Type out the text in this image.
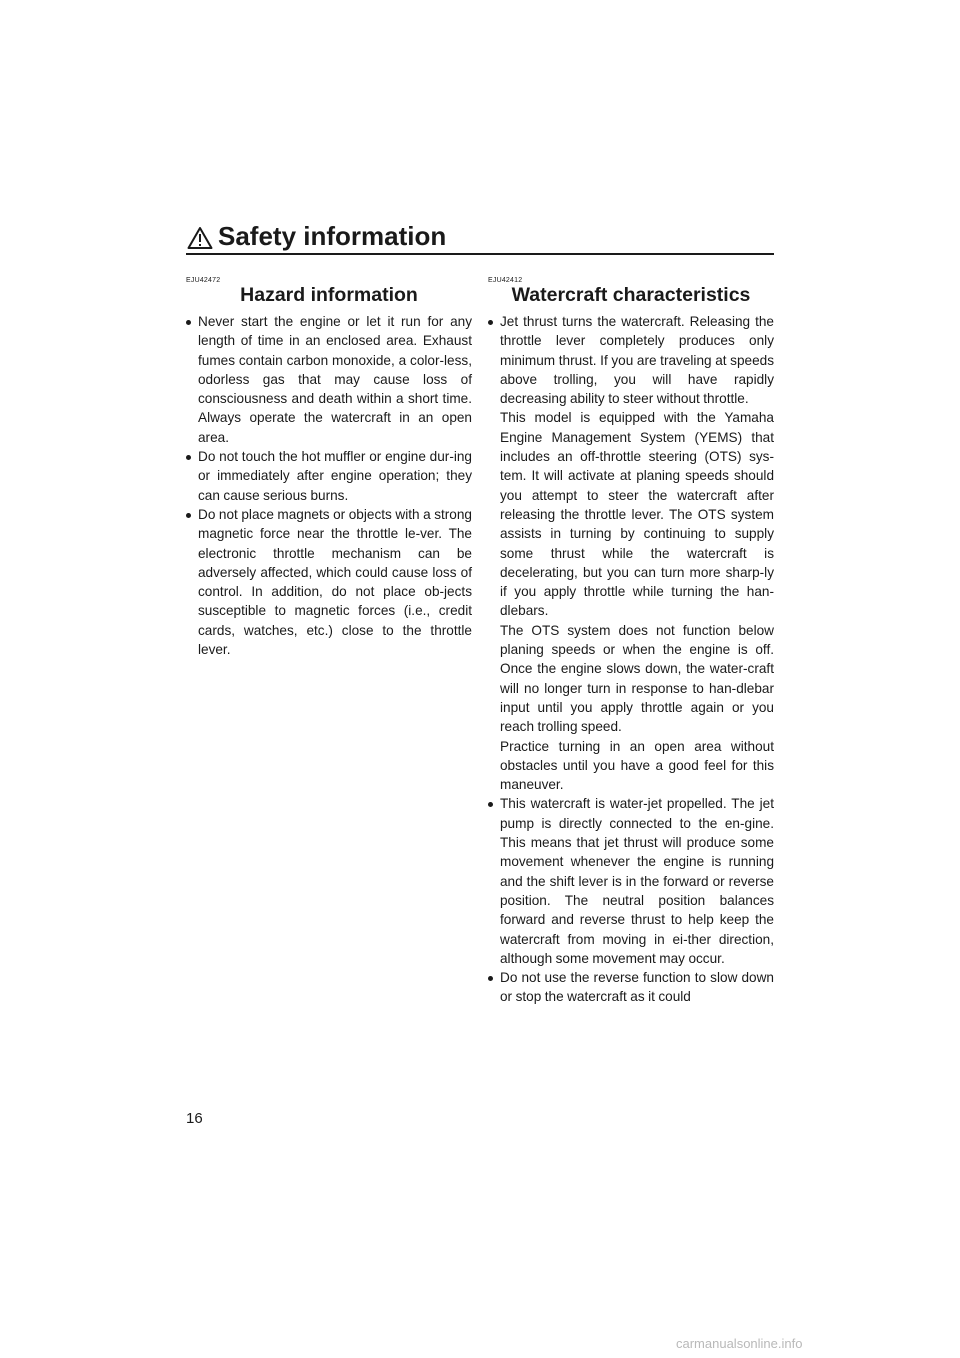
Safety information
EJU42472
Hazard information

Never start the engine or let it run for any length of time in an enclosed area. Exhaust fumes contain carbon monoxide, a color-less, odorless gas that may cause loss of consciousness and death within a short time. Always operate the watercraft in an open area.

Do not touch the hot muffler or engine dur-ing or immediately after engine operation; they can cause serious burns.

Do not place magnets or objects with a strong magnetic force near the throttle le-ver. The electronic throttle mechanism can be adversely affected, which could cause loss of control. In addition, do not place ob-jects susceptible to magnetic forces (i.e., credit cards, watches, etc.) close to the throttle lever.

EJU42412
Watercraft characteristics

Jet thrust turns the watercraft. Releasing the throttle lever completely produces only minimum thrust. If you are traveling at speeds above trolling, you will have rapidly decreasing ability to steer without throttle.

This model is equipped with the Yamaha Engine Management System (YEMS) that includes an off-throttle steering (OTS) sys-tem. It will activate at planing speeds should you attempt to steer the watercraft after releasing the throttle lever. The OTS system assists in turning by continuing to supply some thrust while the watercraft is decelerating, but you can turn more sharp-ly if you apply throttle while turning the han-dlebars.

The OTS system does not function below planing speeds or when the engine is off. Once the engine slows down, the water-craft will no longer turn in response to han-dlebar input until you apply throttle again or you reach trolling speed.

Practice turning in an open area without obstacles until you have a good feel for this maneuver.

This watercraft is water-jet propelled. The jet pump is directly connected to the en-gine. This means that jet thrust will produce some movement whenever the engine is running and the shift lever is in the forward or reverse position. The neutral position balances forward and reverse thrust to help keep the watercraft from moving in ei-ther direction, although some movement may occur.

Do not use the reverse function to slow down or stop the watercraft as it could

16
carmanualsonline.info
